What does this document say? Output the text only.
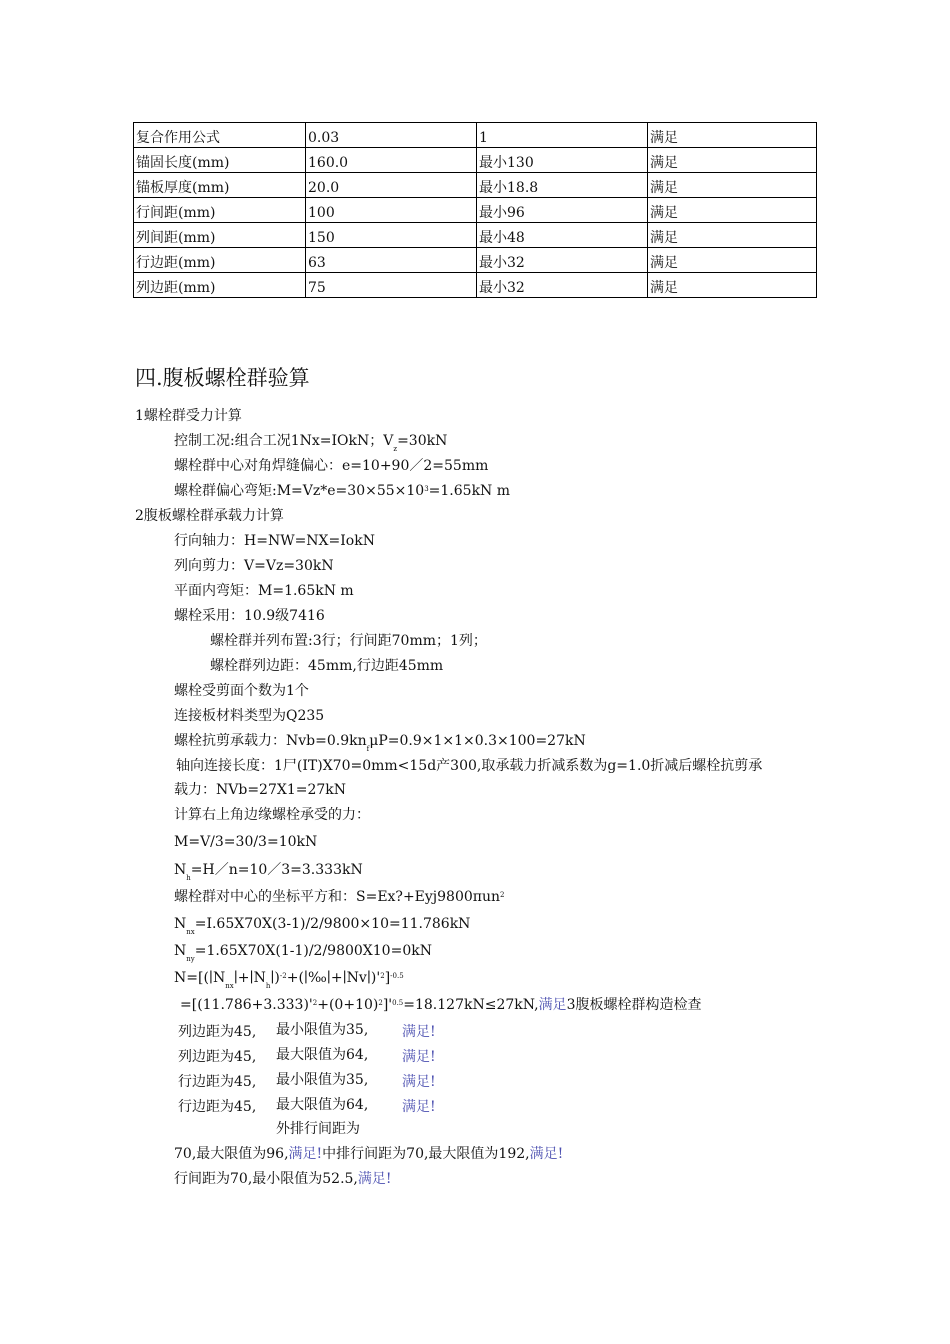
复合作用公式	0.03	1	满足
锚固长度(mm)	160.0	最小130	满足
锚板厚度(mm)	20.0	最小18.8	满足
行间距(mm)	100	最小96	满足
列间距(mm)	150	最小48	满足
行边距(mm)	63	最小32	满足
列边距(mm)	75	最小32	满足
四.腹板螺栓群验算
1螺栓群受力计算
控制工况:组合工况1Nx=IOkN；$V_z=30kN$
螺栓群中心对角焊缝偏心：e=10+90／2=55mm
螺栓群偏心弯矩$:M=Vz*e=30\times 55\times 10^3=1.65kN$ m
2腹板螺栓群承载力计算
行向轴力：H=NW=NX=IokN
列向剪力：V=Vz=30kN
平面内弯矩：M=1.65kN m
螺栓采用：10.9级7416
螺栓群并列布置:3行；行间距70mm；1列；
螺栓群列边距：45mm,行边距45mm
螺栓受剪面个数为1个
连接板材料类型为Q235
螺栓抗剪承载力：$Nvb=0.9kn_f\mu P=0.9\times 1\times 1\times 0.3\times 100=27kN$
轴向连接长度：1尸(IT)X70=0mm<15d产300,取承载力折减系数为g=1.0折减后螺栓抗剪承
载力：NVb=27X1=27kN
计算右上角边缘螺栓承受的力：
M=V/3=30/3=10kN
$N_h=H/n=10/3=3.333kN$
螺栓群对中心的坐标平方和：S=Ex?+Eyj9800πun$^2$
$N_{nx}=I.65X70X(3-1)/2/9800\times 10=11.786kN$
$N_{ny}=1.65X70X(1-1)/2/9800X10=0kN$
$N=[(∣N_{nx}∣+∣N_h∣)^{-2}+(∣‰∣+∣Nv∣)'^2]^{-0.5}$
$=[(11.786+3.333)'^2+(0+10)^2]'^{0.5}=18.127kN\le 27kN$,满足3腹板螺栓群构造检查
列边距为45, 最小限值为35, 满足!
列边距为45, 最大限值为64, 满足!
行边距为45, 最小限值为35, 满足!
行边距为45, 最大限值为64, 满足!
外排行间距为
70,最大限值为96,满足!中排行间距为70,最大限值为192,满足!
行间距为70,最小限值为52.5,满足!
